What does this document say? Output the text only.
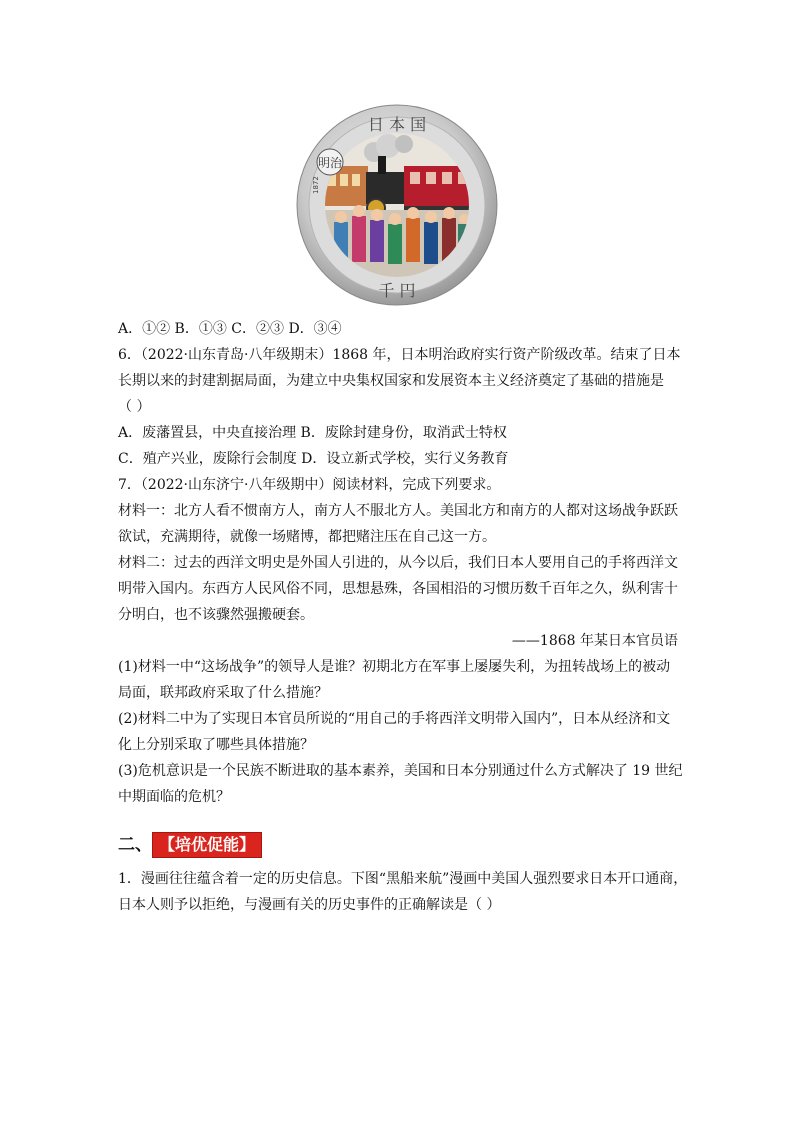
日 本 国
明治
1872
千 円
A．①② B．①③ C．②③ D．③④
6．（2022·山东青岛·八年级期末）1868 年，日本明治政府实行资产阶级改革。结束了日本
长期以来的封建割据局面，为建立中央集权国家和发展资本主义经济奠定了基础的措施是
（ ）
A．废藩置县，中央直接治理 B．废除封建身份，取消武士特权
C．殖产兴业，废除行会制度 D．设立新式学校，实行义务教育
7．（2022·山东济宁·八年级期中）阅读材料，完成下列要求。
材料一：北方人看不惯南方人，南方人不服北方人。美国北方和南方的人都对这场战争跃跃
欲试，充满期待，就像一场赌博，都把赌注压在自己这一方。
材料二：过去的西洋文明史是外国人引进的，从今以后，我们日本人要用自己的手将西洋文
明带入国内。东西方人民风俗不同，思想悬殊，各国相沿的习惯历数千百年之久，纵利害十
分明白，也不该骤然强搬硬套。
——1868 年某日本官员语
(1)材料一中“这场战争”的领导人是谁？初期北方在军事上屡屡失利，为扭转战场上的被动
局面，联邦政府采取了什么措施？
(2)材料二中为了实现日本官员所说的“用自己的手将西洋文明带入国内”，日本从经济和文
化上分别采取了哪些具体措施？
(3)危机意识是一个民族不断进取的基本素养，美国和日本分别通过什么方式解决了 19 世纪
中期面临的危机？
二、 【培优促能】
1．漫画往往蕴含着一定的历史信息。下图“黑船来航”漫画中美国人强烈要求日本开口通商，
日本人则予以拒绝，与漫画有关的历史事件的正确解读是（ ）
